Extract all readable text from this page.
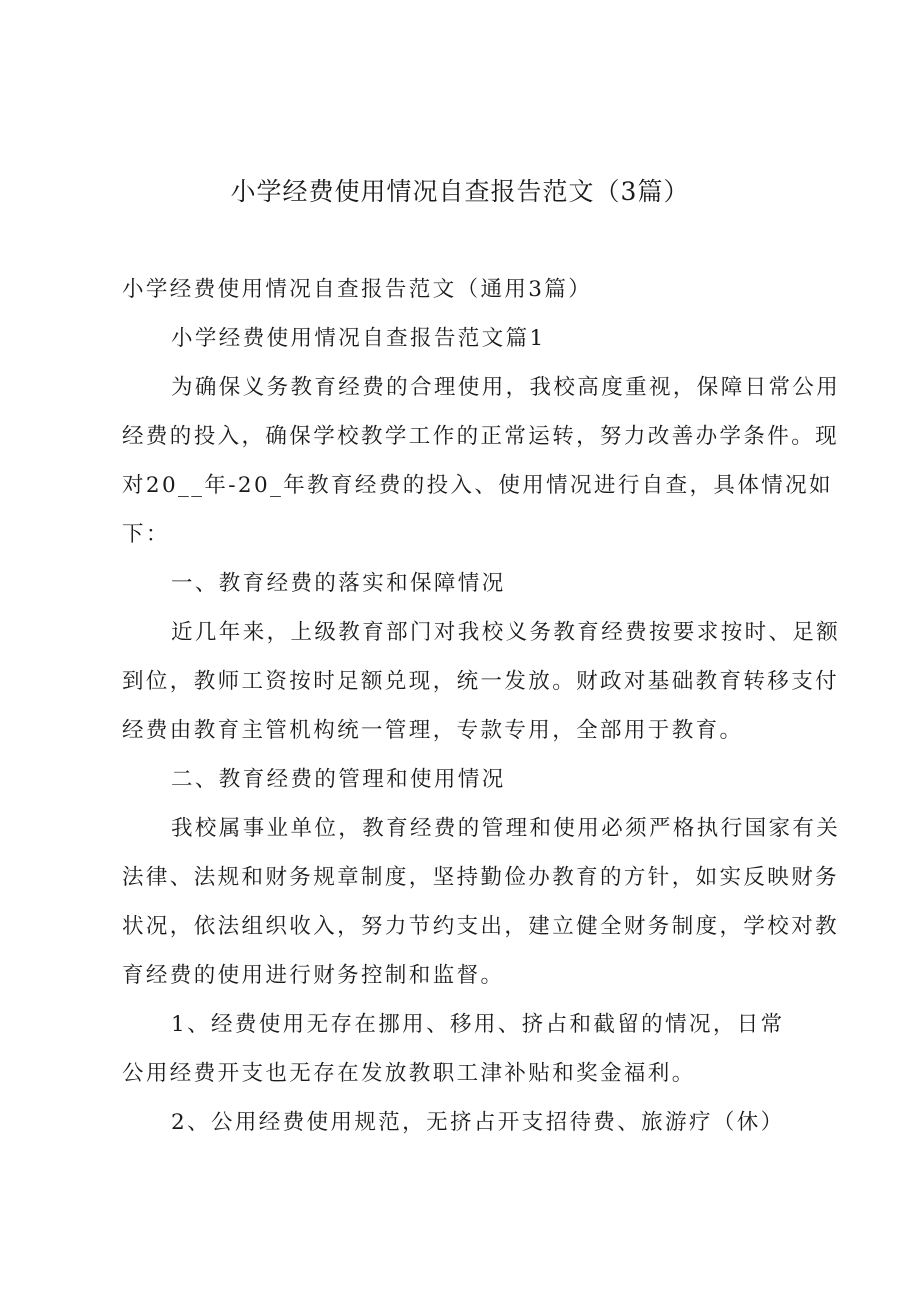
小学经费使用情况自查报告范文（3篇）
小学经费使用情况自查报告范文（通用3篇）
小学经费使用情况自查报告范文篇1
为确保义务教育经费的合理使用，我校高度重视，保障日常公用
经费的投入，确保学校教学工作的正常运转，努力改善办学条件。现
对20__年-20_年教育经费的投入、使用情况进行自查，具体情况如
下：
一、教育经费的落实和保障情况
近几年来，上级教育部门对我校义务教育经费按要求按时、足额
到位，教师工资按时足额兑现，统一发放。财政对基础教育转移支付
经费由教育主管机构统一管理，专款专用，全部用于教育。
二、教育经费的管理和使用情况
我校属事业单位，教育经费的管理和使用必须严格执行国家有关
法律、法规和财务规章制度，坚持勤俭办教育的方针，如实反映财务
状况，依法组织收入，努力节约支出，建立健全财务制度，学校对教
育经费的使用进行财务控制和监督。
1、经费使用无存在挪用、移用、挤占和截留的情况，日常
公用经费开支也无存在发放教职工津补贴和奖金福利。
2、公用经费使用规范，无挤占开支招待费、旅游疗（休）
